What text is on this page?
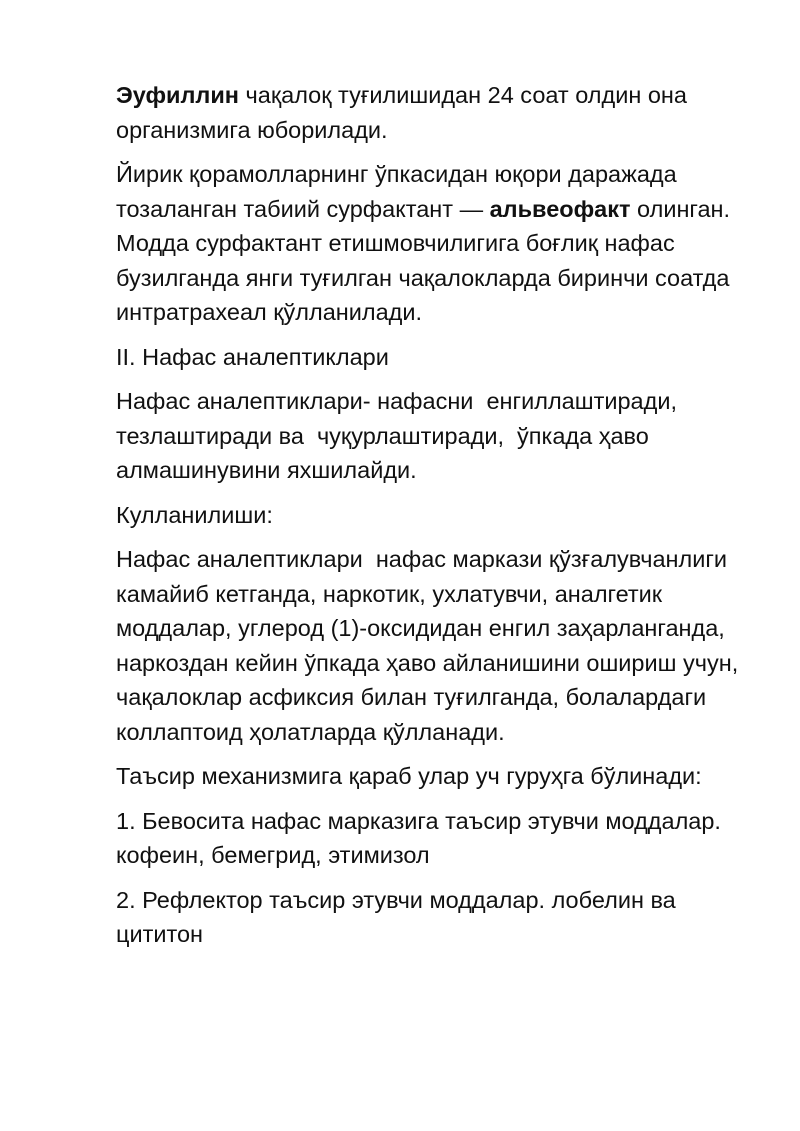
Эуфиллин чақалоқ туғилишидан 24 соат олдин она организмига юборилади.

Йирик қорамолларнинг ўпкасидан юқори даражада тозаланган табиий сурфактант — альвеофакт олинган. Модда сурфактант етишмовчилигига боғлиқ нафас бузилганда янги туғилган чақалокларда биринчи соатда интратрахеал қўлланилади.

II. Нафас аналептиклари

Нафас аналептиклари- нафасни  енгиллаштиради, тезлаштиради ва  чуқурлаштиради,  ўпкада ҳаво алмашинувини яхшилайди.

Кулланилиши:

Нафас аналептиклари  нафас маркази қўзғалувчанлиги камайиб кетганда, наркотик, ухлатувчи, аналгетик моддалар, углерод (1)-оксидидан енгил заҳарланганда, наркоздан кейин ўпкада ҳаво айланишини ошириш учун, чақалоклар асфиксия билан туғилганда, болалардаги  коллаптоид ҳолатларда қўлланади.

Таъсир механизмига қараб улар уч гуруҳга бўлинади:

1. Бевосита нафас марказига таъсир этувчи моддалар. кофеин, бемегрид, этимизол

2. Рефлектор таъсир этувчи моддалар. лобелин ва цититон
